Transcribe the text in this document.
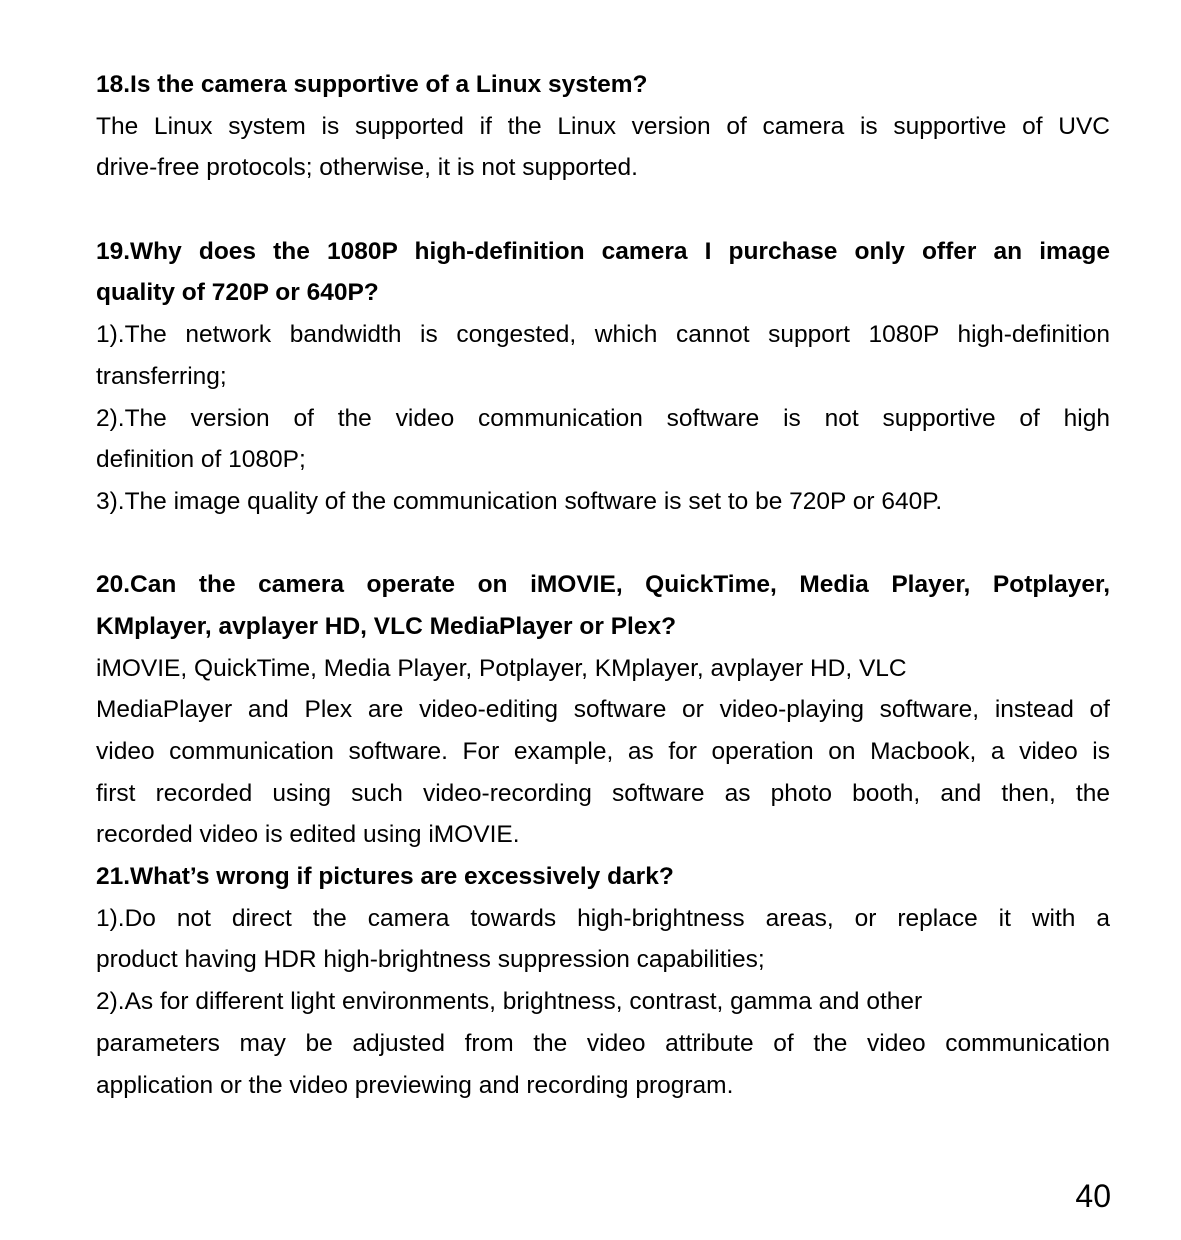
18.Is the camera supportive of a Linux system?
The Linux system is supported if the Linux version of camera is supportive of UVC
drive-free protocols; otherwise, it is not supported.
19.Why does the 1080P high-definition camera I purchase only offer an image
quality of 720P or 640P?
1).The network bandwidth is congested, which cannot support 1080P high-definition
transferring;
2).The version of the video communication software is not supportive of high
definition of 1080P;
3).The image quality of the communication software is set to be 720P or 640P.
20.Can the camera operate on iMOVIE, QuickTime, Media Player, Potplayer,
KMplayer, avplayer HD, VLC MediaPlayer or Plex?
iMOVIE, QuickTime, Media Player, Potplayer, KMplayer, avplayer HD, VLC
MediaPlayer and Plex are video-editing software or video-playing software, instead of
video communication software. For example, as for operation on Macbook, a video is
first recorded using such video-recording software as photo booth, and then, the
recorded video is edited using iMOVIE.
21.What’s wrong if pictures are excessively dark?
1).Do not direct the camera towards high-brightness areas, or replace it with a
product having HDR high-brightness suppression capabilities;
2).As for different light environments, brightness, contrast, gamma and other
parameters may be adjusted from the video attribute of the video communication
application or the video previewing and recording program.
40
